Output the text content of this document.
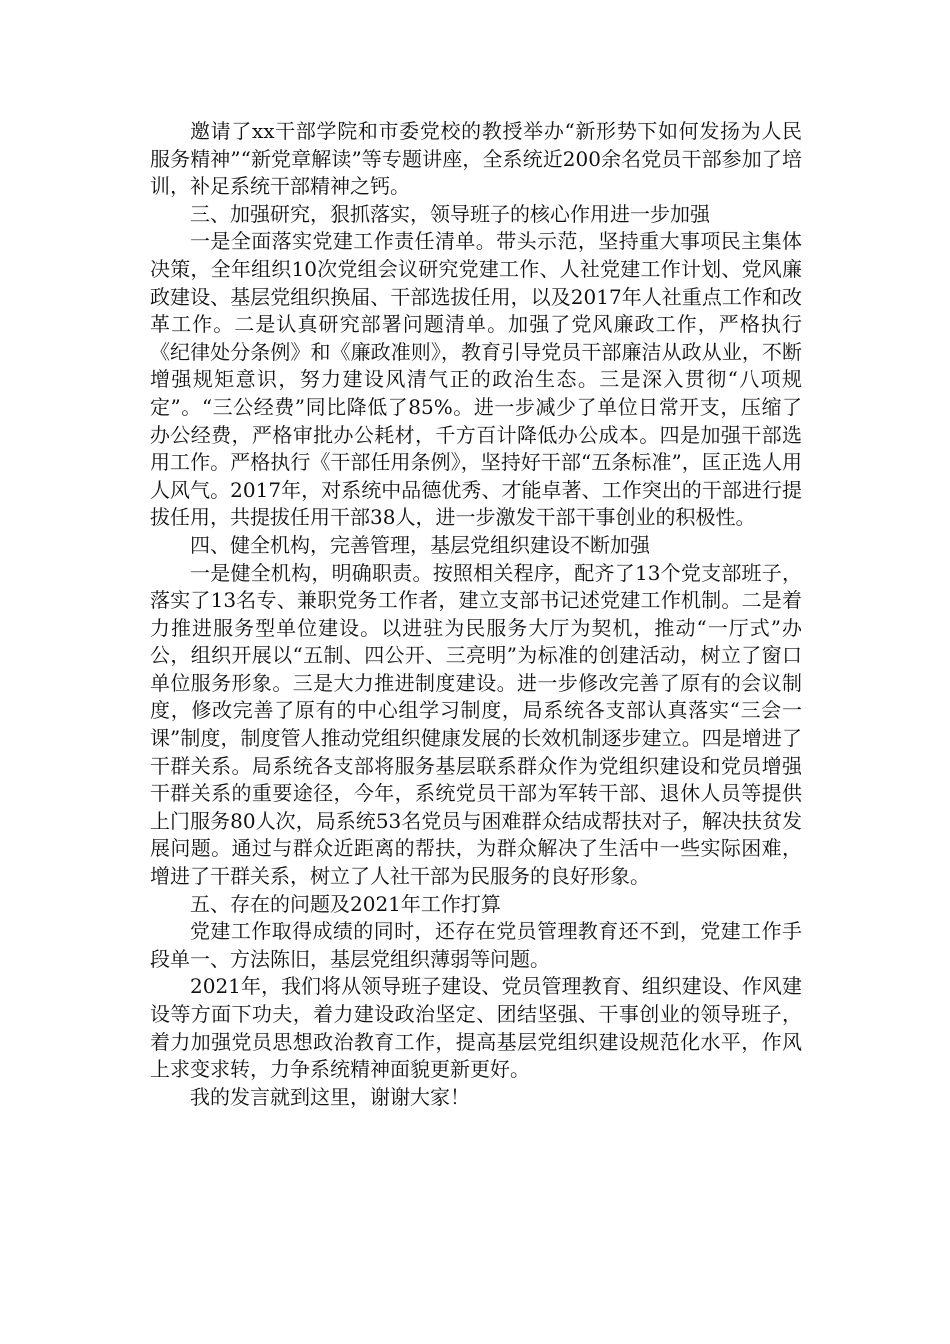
邀请了xx干部学院和市委党校的教授举办“新形势下如何发扬为人民服务精神”“新党章解读”等专题讲座，全系统近200余名党员干部参加了培训，补足系统干部精神之钙。

三、加强研究，狠抓落实，领导班子的核心作用进一步加强

一是全面落实党建工作责任清单。带头示范，坚持重大事项民主集体决策，全年组织10次党组会议研究党建工作、人社党建工作计划、党风廉政建设、基层党组织换届、干部选拔任用，以及2017年人社重点工作和改革工作。二是认真研究部署问题清单。加强了党风廉政工作，严格执行《纪律处分条例》和《廉政准则》，教育引导党员干部廉洁从政从业，不断增强规矩意识，努力建设风清气正的政治生态。三是深入贯彻“八项规定”。“三公经费”同比降低了85%。进一步减少了单位日常开支，压缩了办公经费，严格审批办公耗材，千方百计降低办公成本。四是加强干部选用工作。严格执行《干部任用条例》，坚持好干部“五条标准”，匡正选人用人风气。2017年，对系统中品德优秀、才能卓著、工作突出的干部进行提拔任用，共提拔任用干部38人，进一步激发干部干事创业的积极性。

四、健全机构，完善管理，基层党组织建设不断加强

一是健全机构，明确职责。按照相关程序，配齐了13个党支部班子，落实了13名专、兼职党务工作者，建立支部书记述党建工作机制。二是着力推进服务型单位建设。以进驻为民服务大厅为契机，推动“一厅式”办公，组织开展以“五制、四公开、三亮明”为标准的创建活动，树立了窗口单位服务形象。三是大力推进制度建设。进一步修改完善了原有的会议制度，修改完善了原有的中心组学习制度，局系统各支部认真落实“三会一课”制度，制度管人推动党组织健康发展的长效机制逐步建立。四是增进了干群关系。局系统各支部将服务基层联系群众作为党组织建设和党员增强干群关系的重要途径，今年，系统党员干部为军转干部、退休人员等提供上门服务80人次，局系统53名党员与困难群众结成帮扶对子，解决扶贫发展问题。通过与群众近距离的帮扶，为群众解决了生活中一些实际困难，增进了干群关系，树立了人社干部为民服务的良好形象。

五、存在的问题及2021年工作打算

党建工作取得成绩的同时，还存在党员管理教育还不到，党建工作手段单一、方法陈旧，基层党组织薄弱等问题。

2021年，我们将从领导班子建设、党员管理教育、组织建设、作风建设等方面下功夫，着力建设政治坚定、团结坚强、干事创业的领导班子，着力加强党员思想政治教育工作，提高基层党组织建设规范化水平，作风上求变求转，力争系统精神面貌更新更好。

我的发言就到这里，谢谢大家！
